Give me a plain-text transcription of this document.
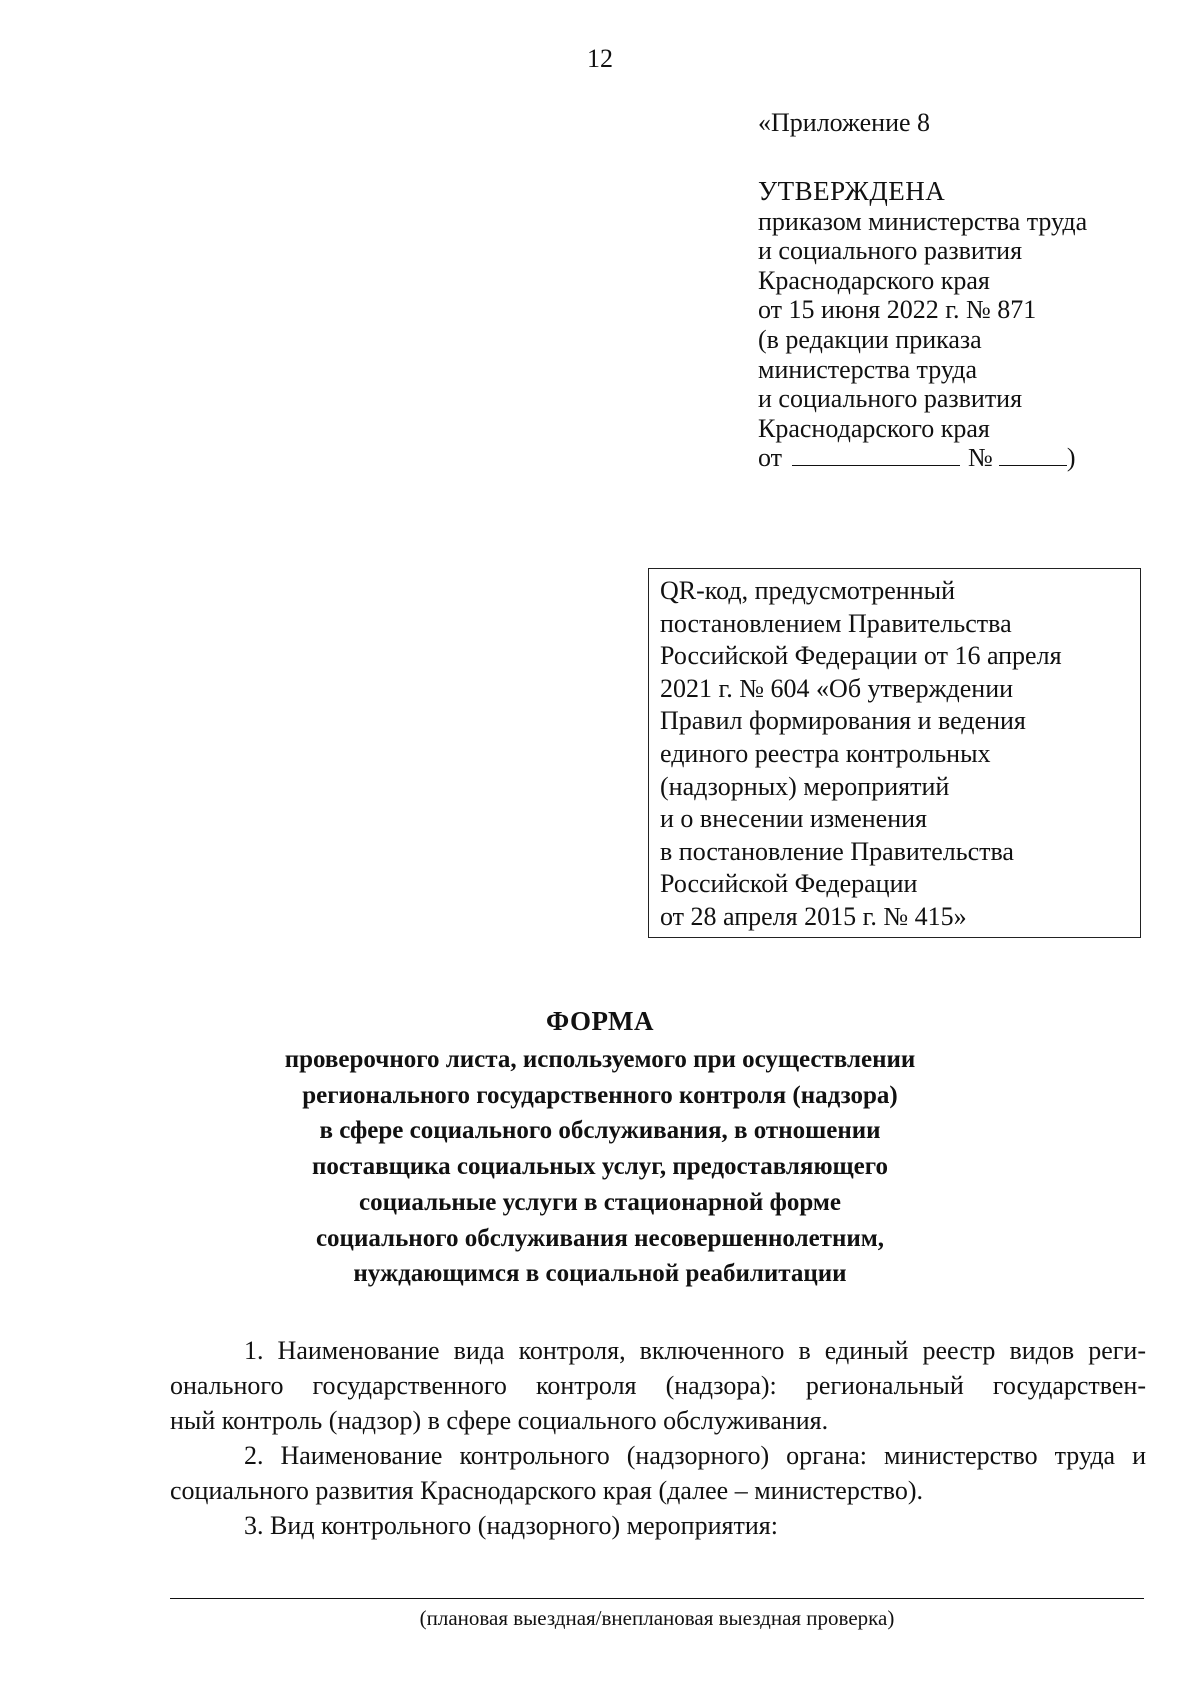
12

«Приложение 8

УТВЕРЖДЕНА
приказом министерства труда
и социального развития
Краснодарского края
от 15 июня 2022 г. № 871
(в редакции приказа
министерства труда
и социального развития
Краснодарского края
от	№	)
QR-код, предусмотренный
постановлением Правительства
Российской Федерации от 16 апреля
2021 г. № 604 «Об утверждении
Правил формирования и ведения
единого реестра контрольных
(надзорных) мероприятий
и о внесении изменения
в постановление Правительства
Российской Федерации
от 28 апреля 2015 г. № 415»
ФОРМА
проверочного листа, используемого при осуществлении
регионального государственного контроля (надзора)
в сфере социального обслуживания, в отношении
поставщика социальных услуг, предоставляющего
социальные услуги в стационарной форме
социального обслуживания несовершеннолетним,
нуждающимся в социальной реабилитации
1. Наименование вида контроля, включенного в единый реестр видов реги-
онального государственного контроля (надзора): региональный государствен-
ный контроль (надзор) в сфере социального обслуживания.
2. Наименование контрольного (надзорного) органа: министерство труда и
социального развития Краснодарского края (далее – министерство).
3. Вид контрольного (надзорного) мероприятия:

(плановая выездная/внеплановая выездная проверка)
